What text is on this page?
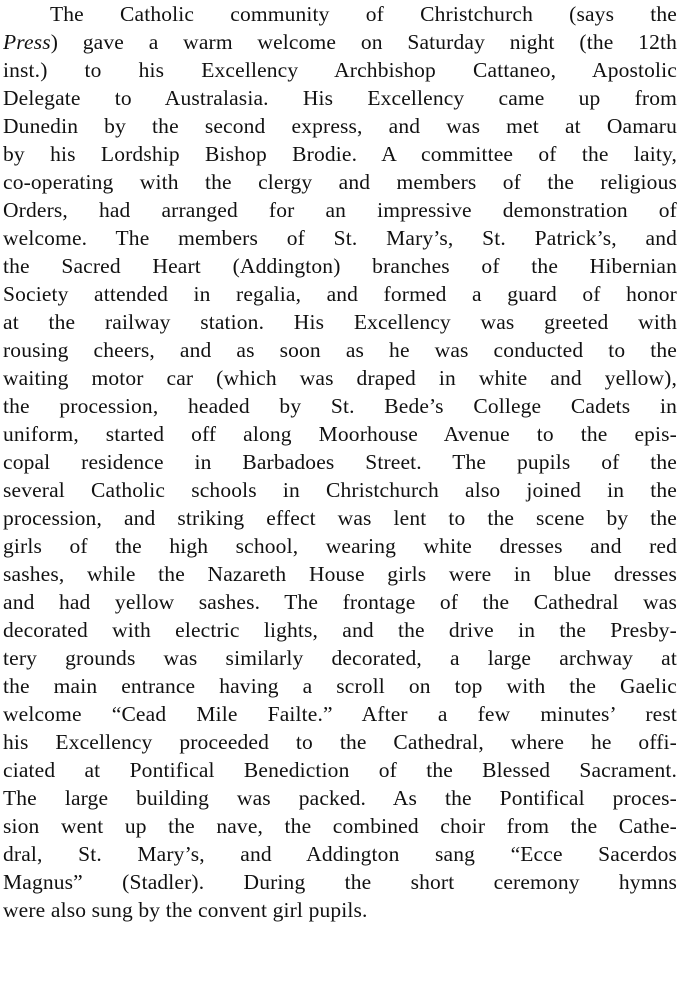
The Catholic community of Christchurch (says the
Press) gave a warm welcome on Saturday night (the 12th
inst.) to his Excellency Archbishop Cattaneo, Apostolic
Delegate to Australasia. His Excellency came up from
Dunedin by the second express, and was met at Oamaru
by his Lordship Bishop Brodie. A committee of the laity,
co-operating with the clergy and members of the religious
Orders, had arranged for an impressive demonstration of
welcome. The members of St. Mary’s, St. Patrick’s, and
the Sacred Heart (Addington) branches of the Hibernian
Society attended in regalia, and formed a guard of honor
at the railway station. His Excellency was greeted with
rousing cheers, and as soon as he was conducted to the
waiting motor car (which was draped in white and yellow),
the procession, headed by St. Bede’s College Cadets in
uniform, started off along Moorhouse Avenue to the epis-
copal residence in Barbadoes Street. The pupils of the
several Catholic schools in Christchurch also joined in the
procession, and striking effect was lent to the scene by the
girls of the high school, wearing white dresses and red
sashes, while the Nazareth House girls were in blue dresses
and had yellow sashes. The frontage of the Cathedral was
decorated with electric lights, and the drive in the Presby-
tery grounds was similarly decorated, a large archway at
the main entrance having a scroll on top with the Gaelic
welcome “Cead Mile Failte.” After a few minutes’ rest
his Excellency proceeded to the Cathedral, where he offi-
ciated at Pontifical Benediction of the Blessed Sacrament.
The large building was packed. As the Pontifical proces-
sion went up the nave, the combined choir from the Cathe-
dral, St. Mary’s, and Addington sang “Ecce Sacerdos
Magnus” (Stadler). During the short ceremony hymns
were also sung by the convent girl pupils.
